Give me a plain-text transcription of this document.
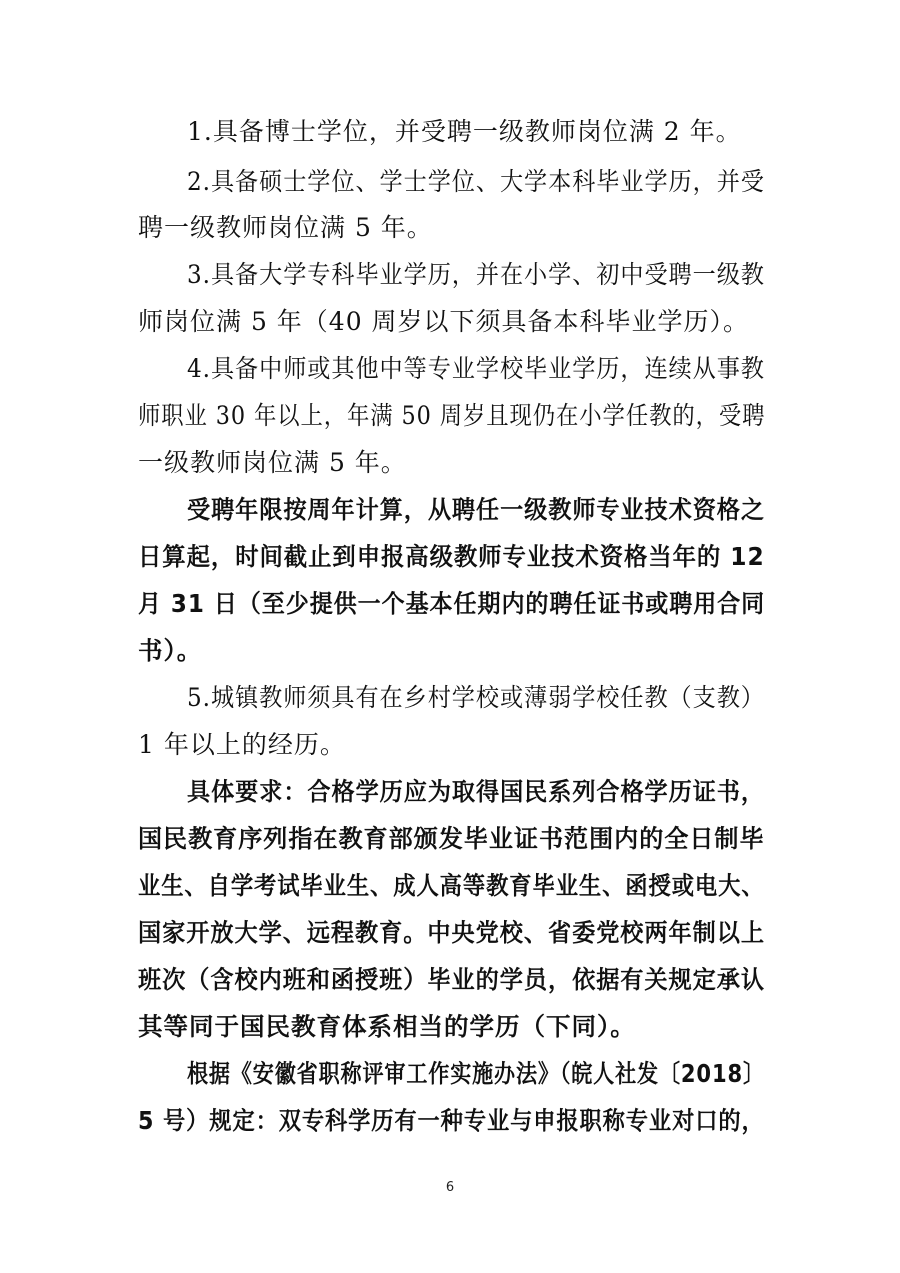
1.具备博士学位，并受聘一级教师岗位满 2 年。
2.具备硕士学位、学士学位、大学本科毕业学历，并受
聘一级教师岗位满 5 年。
3.具备大学专科毕业学历，并在小学、初中受聘一级教
师岗位满 5 年（40 周岁以下须具备本科毕业学历）。
4.具备中师或其他中等专业学校毕业学历，连续从事教
师职业 30 年以上，年满 50 周岁且现仍在小学任教的，受聘
一级教师岗位满 5 年。
受聘年限按周年计算，从聘任一级教师专业技术资格之
日算起，时间截止到申报高级教师专业技术资格当年的 12
月 31 日（至少提供一个基本任期内的聘任证书或聘用合同
书）。
5.城镇教师须具有在乡村学校或薄弱学校任教（支教）
1 年以上的经历。
具体要求：合格学历应为取得国民系列合格学历证书，
国民教育序列指在教育部颁发毕业证书范围内的全日制毕
业生、自学考试毕业生、成人高等教育毕业生、函授或电大、
国家开放大学、远程教育。中央党校、省委党校两年制以上
班次（含校内班和函授班）毕业的学员，依据有关规定承认
其等同于国民教育体系相当的学历（下同）。
根据《安徽省职称评审工作实施办法》（皖人社发〔2018〕
5 号）规定：双专科学历有一种专业与申报职称专业对口的，
6
